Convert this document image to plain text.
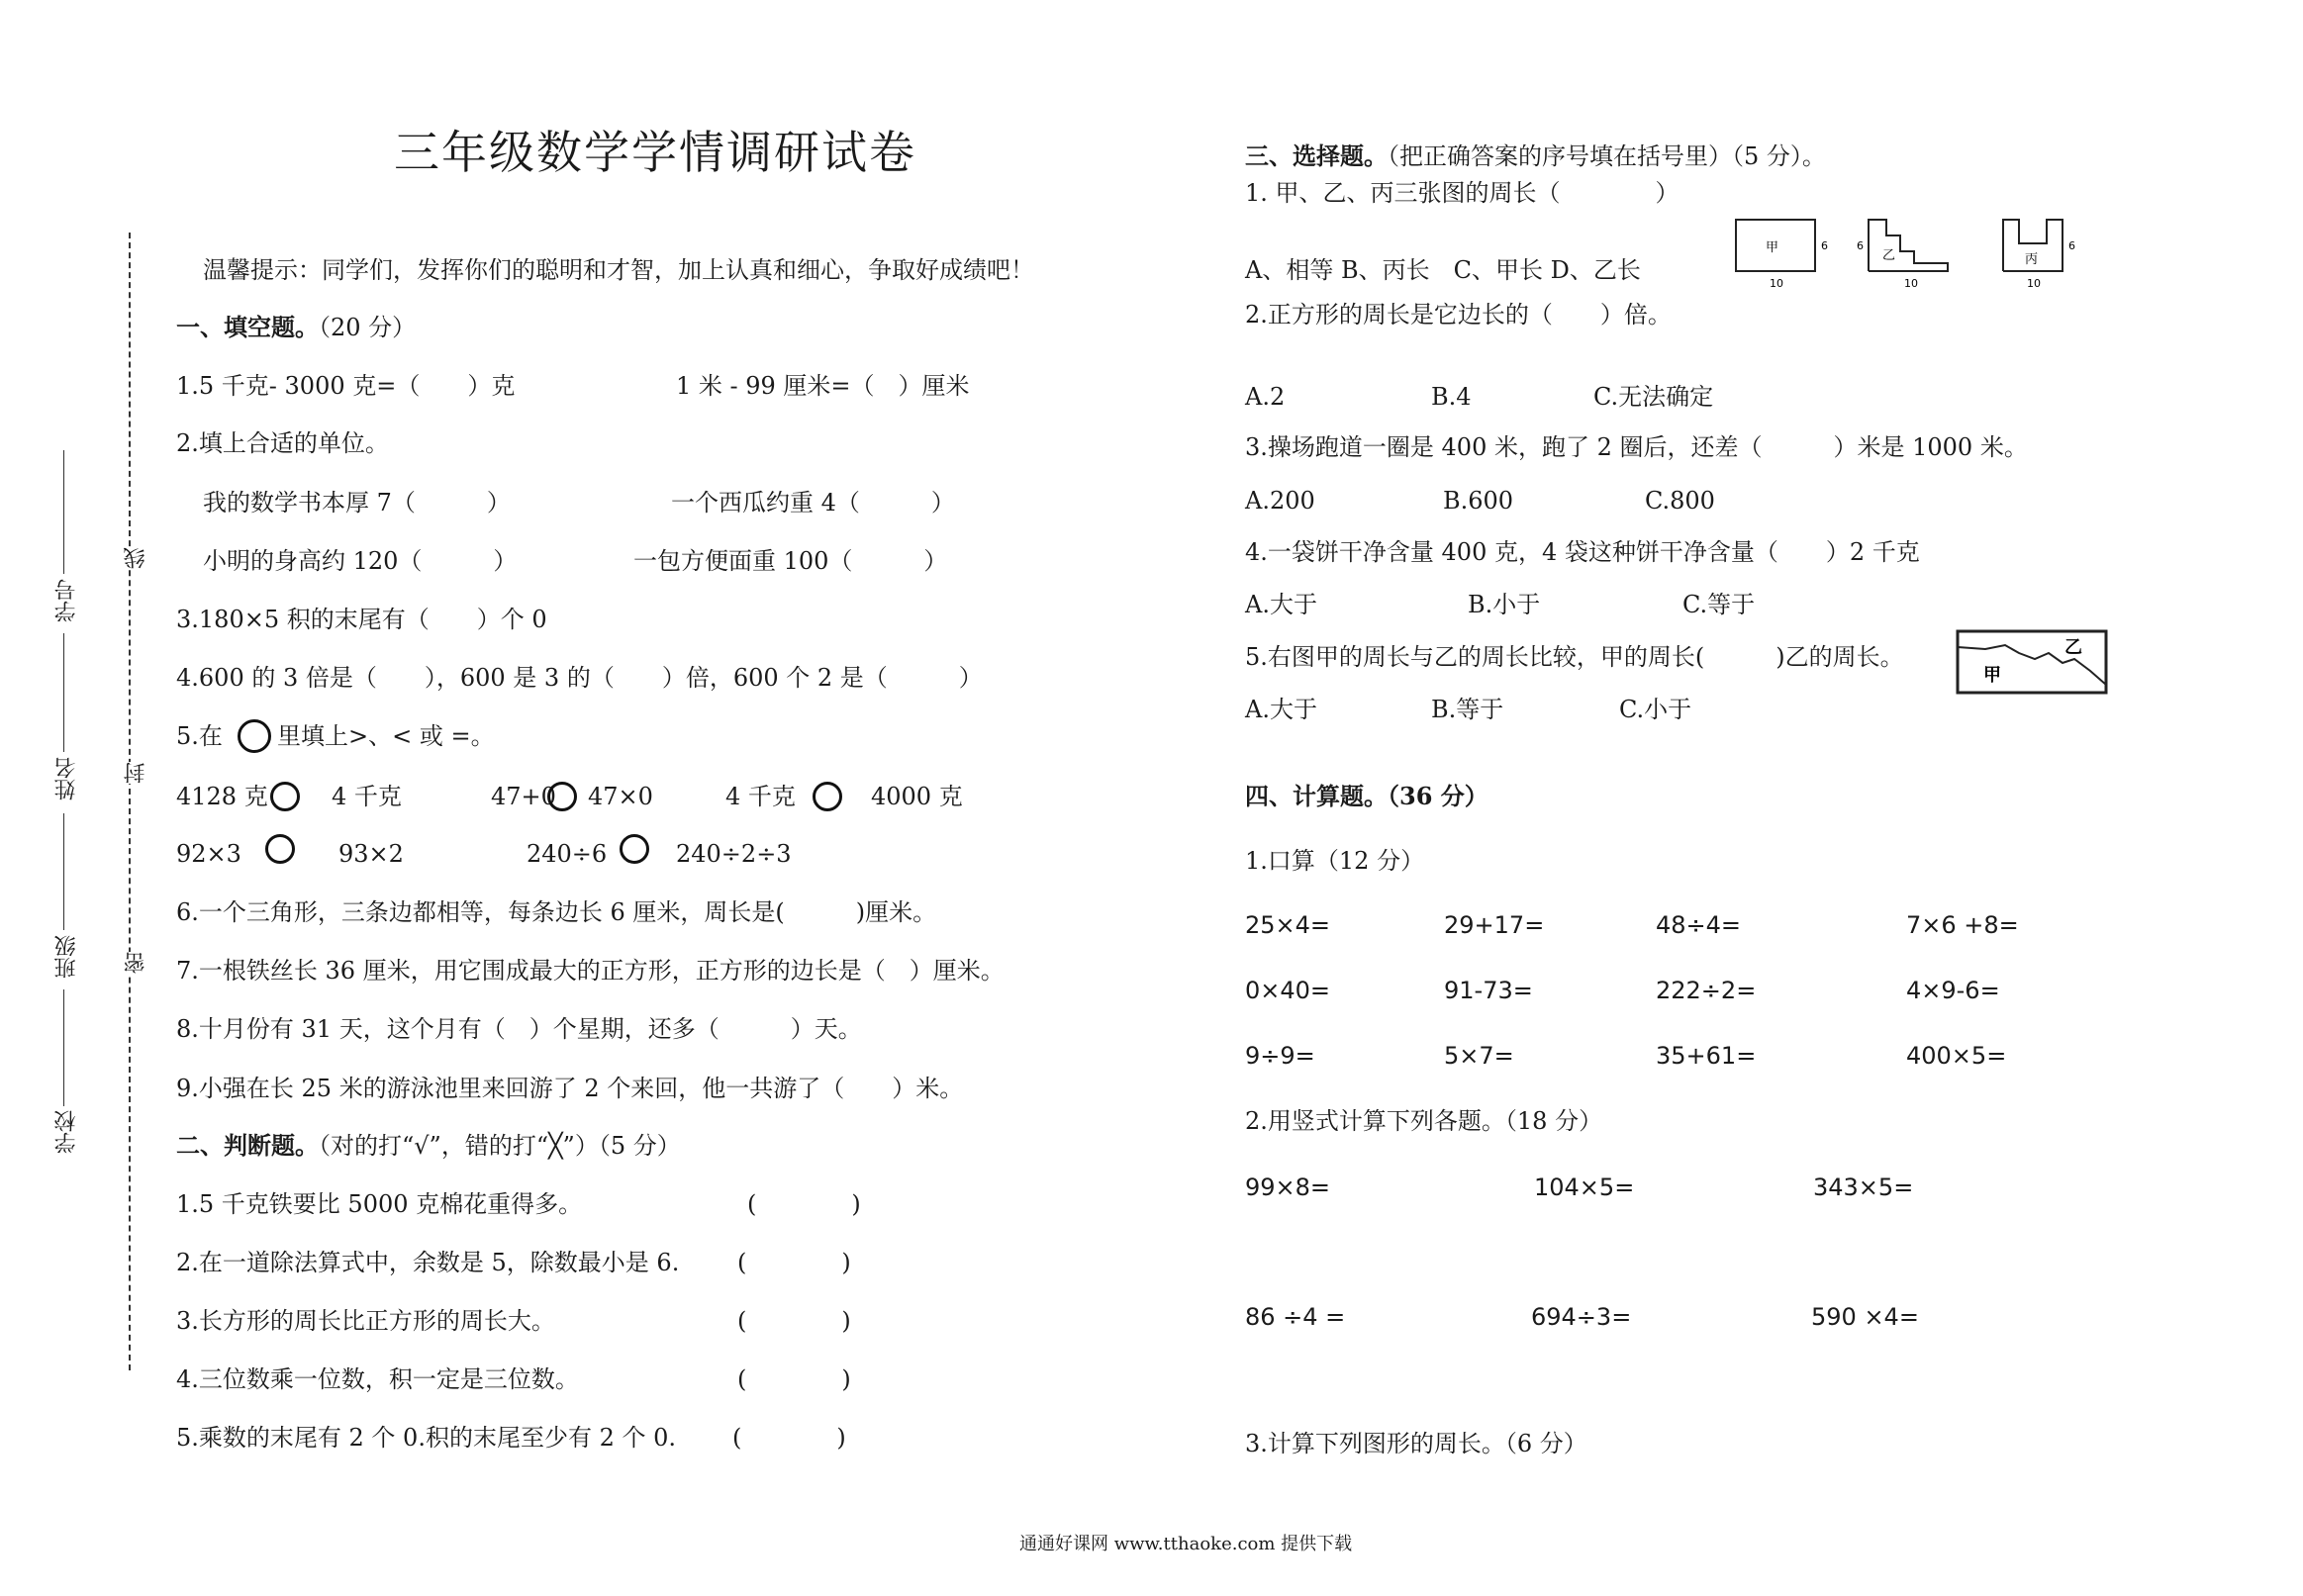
三年级数学学情调研试卷
温馨提示：同学们，发挥你们的聪明和才智，加上认真和细心，争取好成绩吧！
学号
姓名
班级
学校
线
封
密
一、填空题。（20 分）
1.5 千克- 3000 克=（　　）克	1 米 - 99 厘米=（　）厘米
2.填上合适的单位。
我的数学书本厚 7（　　　）	一个西瓜约重 4（　　　）
小明的身高约 120（　　　）	一包方便面重 100（　　　）
3.180×5 积的末尾有（　　）个 0
4.600 的 3 倍是（　　），600 是 3 的（　　）倍，600 个 2 是（　　　）
5.在 里填上>、< 或 =。
4128 克	4 千克	47+0 47×0	4 千克	4000 克
92×3	93×2	240÷6	240÷2÷3
6.一个三角形，三条边都相等，每条边长 6 厘米，周长是(　　　)厘米。
7.一根铁丝长 36 厘米，用它围成最大的正方形，正方形的边长是（　）厘米。
8.十月份有 31 天，这个月有（　）个星期，还多（　　　）天。
9.小强在长 25 米的游泳池里来回游了 2 个来回，他一共游了（　　）米。
二、判断题。（对的打“√”，错的打“╳”）（5 分）
1.5 千克铁要比 5000 克棉花重得多。	(　　　　)
2.在一道除法算式中，余数是 5，除数最小是 6. (　　　　)
3.长方形的周长比正方形的周长大。	(　　　　)
4.三位数乘一位数，积一定是三位数。	(　　　　)
5.乘数的末尾有 2 个 0.积的末尾至少有 2 个 0. (　　　　)
三、选择题。（把正确答案的序号填在括号里）（5 分）。
1. 甲、乙、丙三张图的周长（　　　　）
甲	6
10
乙
6
10
丙
6
10
A、相等 B、丙长　C、甲长 D、乙长
2.正方形的周长是它边长的（　　）倍。
A.2	B.4	C.无法确定
3.操场跑道一圈是 400 米，跑了 2 圈后，还差（　　　）米是 1000 米。
A.200	B.600	C.800
4.一袋饼干净含量 400 克，4 袋这种饼干净含量（　　）2 千克
A.大于	B.小于	C.等于
5.右图甲的周长与乙的周长比较，甲的周长(　　　)乙的周长。
甲
乙
A.大于	B.等于	C.小于
四、计算题。（36 分）
1.口算（12 分）
25×4=	29+17=	48÷4=	7×6 +8=
0×40=	91-73=	222÷2=	4×9-6=
9÷9=	5×7=	35+61=	400×5=
2.用竖式计算下列各题。（18 分）
99×8=	104×5=	343×5=
86 ÷4 =	694÷3=	590 ×4=
3.计算下列图形的周长。（6 分）
通通好课网 www.tthaoke.com 提供下载
